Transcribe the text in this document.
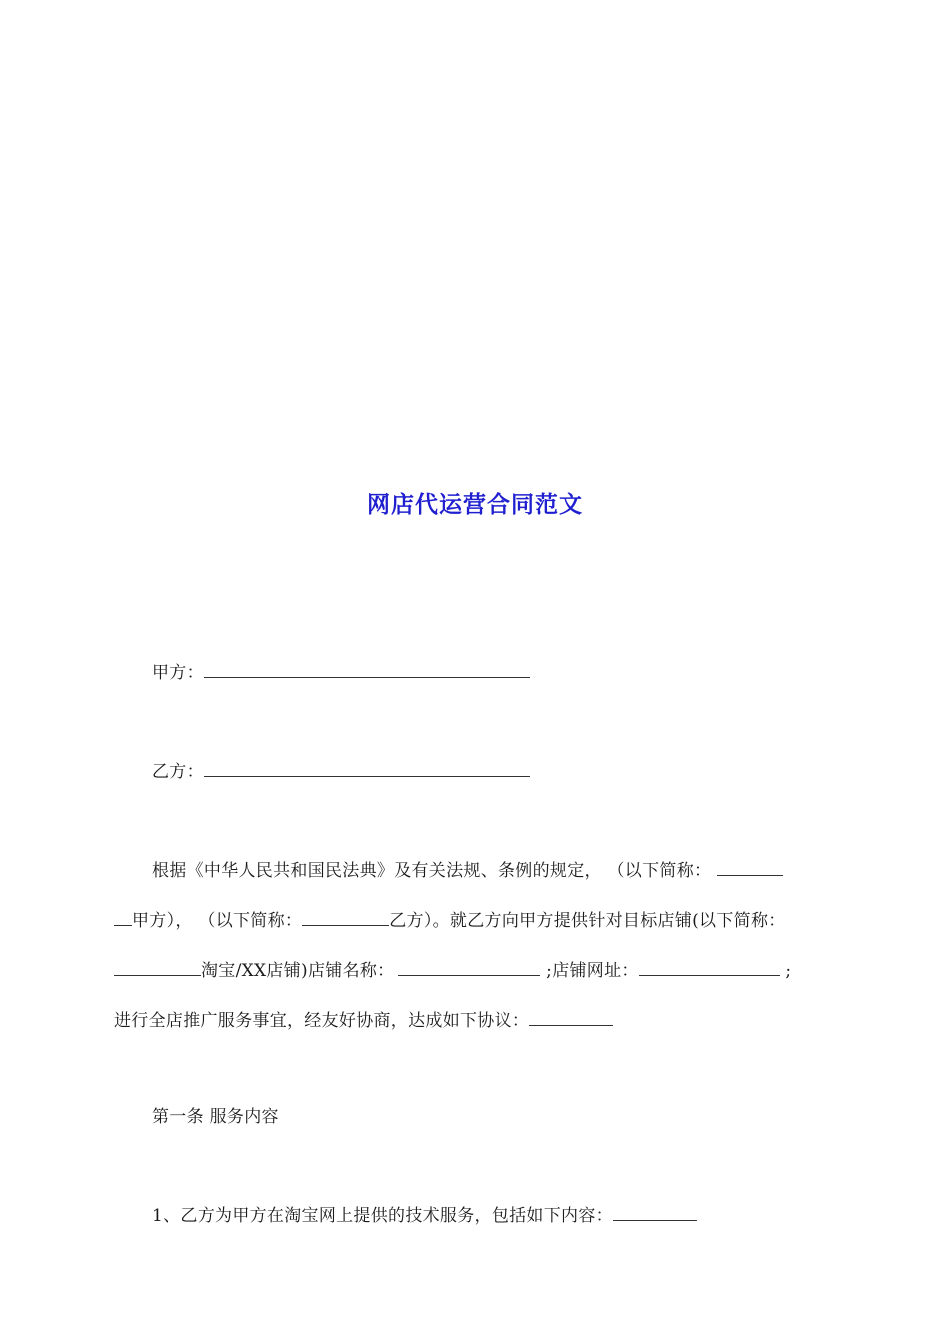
网店代运营合同范文
甲方：
乙方：
根据《中华人民共和国民法典》及有关法规、条例的规定， （以下简称：
甲方）， （以下简称：	乙方）。就乙方向甲方提供针对目标店铺(以下简称：
淘宝/XX店铺)店铺名称：	;店铺网址：	;
进行全店推广服务事宜，经友好协商，达成如下协议：
第一条 服务内容
1、乙方为甲方在淘宝网上提供的技术服务，包括如下内容：
